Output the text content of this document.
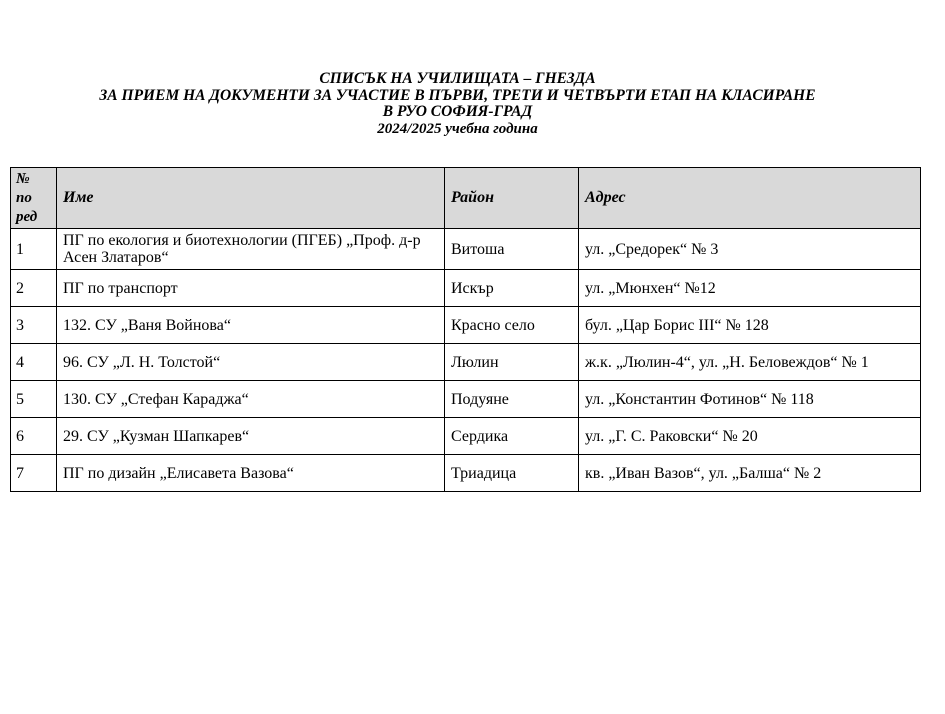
СПИСЪК НА УЧИЛИЩАТА – ГНЕЗДА
ЗА ПРИЕМ НА ДОКУМЕНТИ ЗА УЧАСТИЕ В ПЪРВИ, ТРЕТИ И ЧЕТВЪРТИ ЕТАП НА КЛАСИРАНЕ
В РУО СОФИЯ-ГРАД
2024/2025 учебна година
№
по
ред	Име	Район	Адрес
1	ПГ по екология и биотехнологии (ПГЕБ) „Проф. д-р Асен Златаров“	Витоша	ул. „Средорек“ № 3
2	ПГ по транспорт	Искър	ул. „Мюнхен“ №12
3	132. СУ „Ваня Войнова“	Красно село	бул. „Цар Борис III“ № 128
4	96. СУ „Л. Н. Толстой“	Люлин	ж.к. „Люлин-4“, ул. „Н. Беловеждов“ № 1
5	130. СУ „Стефан Караджа“	Подуяне	ул. „Константин Фотинов“ № 118
6	29. СУ „Кузман Шапкарев“	Сердика	ул. „Г. С. Раковски“ № 20
7	ПГ по дизайн „Елисавета Вазова“	Триадица	кв. „Иван Вазов“, ул. „Балша“ № 2
